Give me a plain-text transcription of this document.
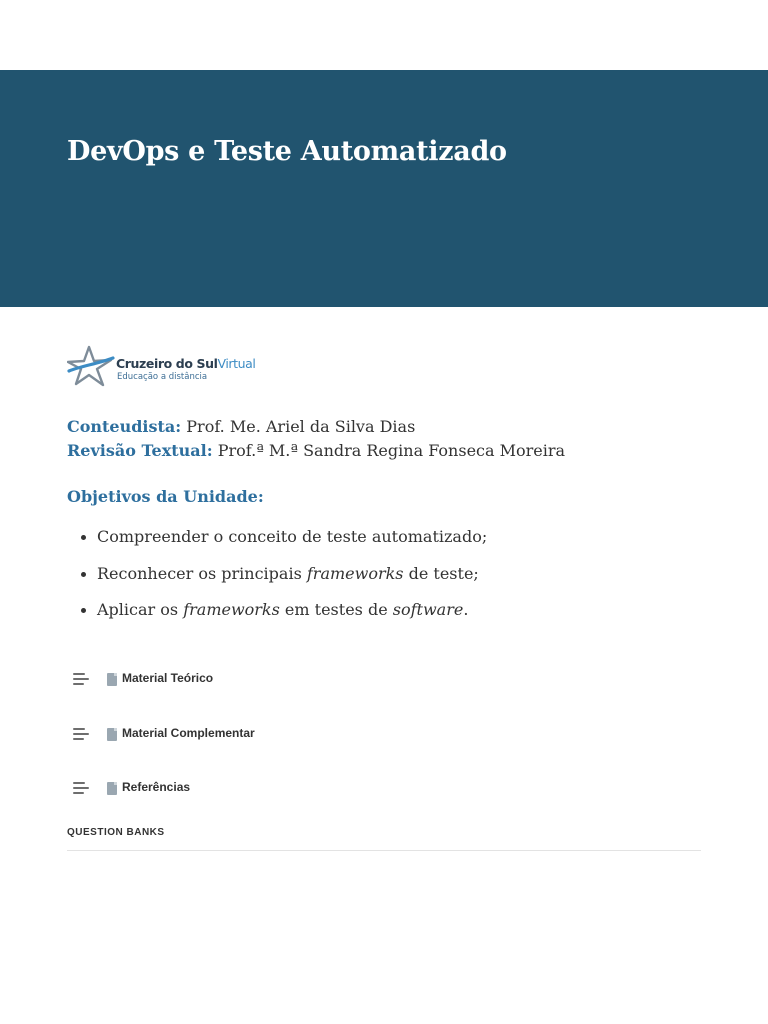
DevOps e Teste Automatizado
Cruzeiro do SulVirtual
Educação a distância
Conteudista: Prof. Me. Ariel da Silva Dias
Revisão Textual: Prof.ª M.ª Sandra Regina Fonseca Moreira
Objetivos da Unidade:
Compreender o conceito de teste automatizado;
Reconhecer os principais frameworks de teste;
Aplicar os frameworks em testes de software.
Material Teórico
Material Complementar
Referências
QUESTION BANKS
